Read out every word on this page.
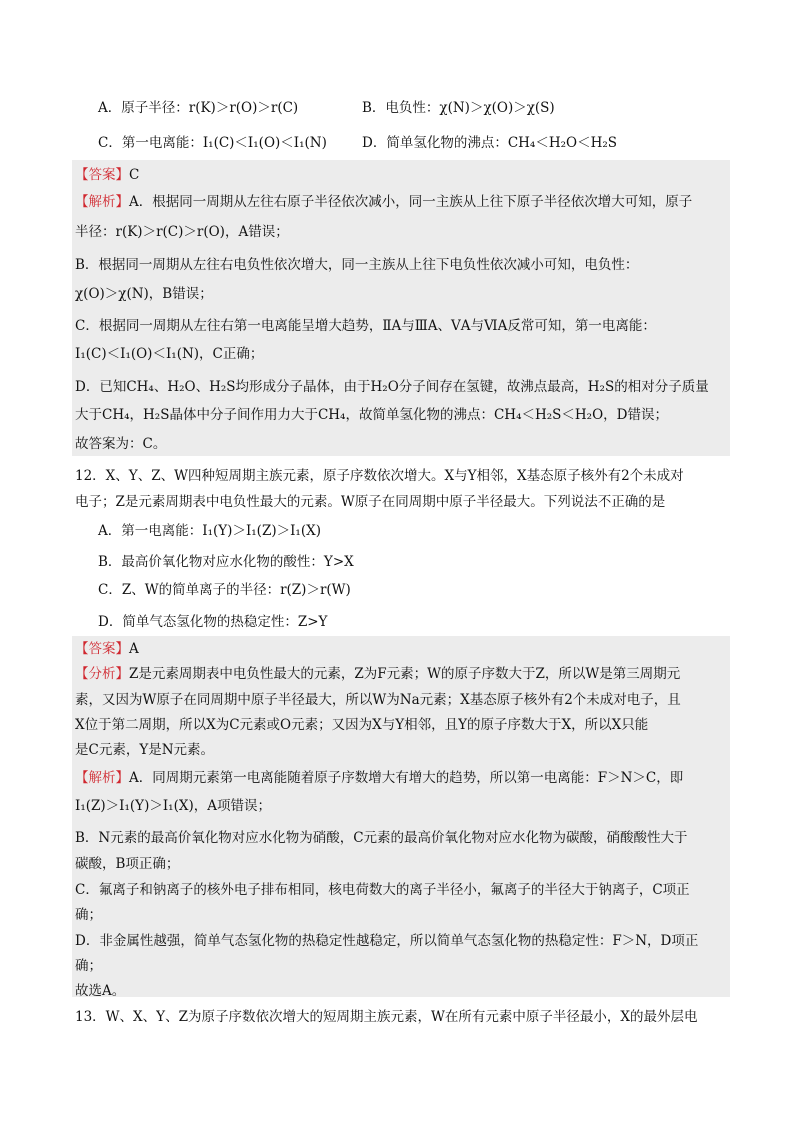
A．原子半径：r(K)＞r(O)＞r(C)	B．电负性：χ(N)＞χ(O)＞χ(S)
C．第一电离能：I₁(C)＜I₁(O)＜I₁(N)	D．简单氢化物的沸点：CH₄＜H₂O＜H₂S
【答案】C
【解析】A．根据同一周期从左往右原子半径依次减小，同一主族从上往下原子半径依次增大可知，原子
半径：r(K)＞r(C)＞r(O)，A错误；
B．根据同一周期从左往右电负性依次增大，同一主族从上往下电负性依次减小可知，电负性：
χ(O)＞χ(N)，B错误；
C．根据同一周期从左往右第一电离能呈增大趋势，ⅡA与ⅢA、ⅤA与ⅥA反常可知，第一电离能：
I₁(C)＜I₁(O)＜I₁(N)，C正确；
D．已知CH₄、H₂O、H₂S均形成分子晶体，由于H₂O分子间存在氢键，故沸点最高，H₂S的相对分子质量
大于CH₄，H₂S晶体中分子间作用力大于CH₄，故简单氢化物的沸点：CH₄＜H₂S＜H₂O，D错误；
故答案为：C。
12．X、Y、Z、W四种短周期主族元素，原子序数依次增大。X与Y相邻，X基态原子核外有2个未成对
电子；Z是元素周期表中电负性最大的元素。W原子在同周期中原子半径最大。下列说法不正 · · ·确的是
A．第一电离能：I₁(Y)＞I₁(Z)＞I₁(X)
B．最高价氧化物对应水化物的酸性：Y>X
C．Z、W的简单离子的半径：r(Z)＞r(W)
D．简单气态氢化物的热稳定性：Z>Y
【答案】A
【分析】Z是元素周期表中电负性最大的元素，Z为F元素；W的原子序数大于Z，所以W是第三周期元
素，又因为W原子在同周期中原子半径最大，所以W为Na元素；X基态原子核外有2个未成对电子，且
X位于第二周期，所以X为C元素或O元素；又因为X与Y相邻，且Y的原子序数大于X，所以X只能
是C元素，Y是N元素。
【解析】A．同周期元素第一电离能随着原子序数增大有增大的趋势，所以第一电离能：F＞N＞C，即
I₁(Z)＞I₁(Y)＞I₁(X)，A项错误；
B．N元素的最高价氧化物对应水化物为硝酸，C元素的最高价氧化物对应水化物为碳酸，硝酸酸性大于
碳酸，B项正确；
C．氟离子和钠离子的核外电子排布相同，核电荷数大的离子半径小，氟离子的半径大于钠离子，C项正
确；
D．非金属性越强，简单气态氢化物的热稳定性越稳定，所以简单气态氢化物的热稳定性：F＞N，D项正
确；
故选A。
13．W、X、Y、Z为原子序数依次增大的短周期主族元素，W在所有元素中原子半径最小，X的最外层电
